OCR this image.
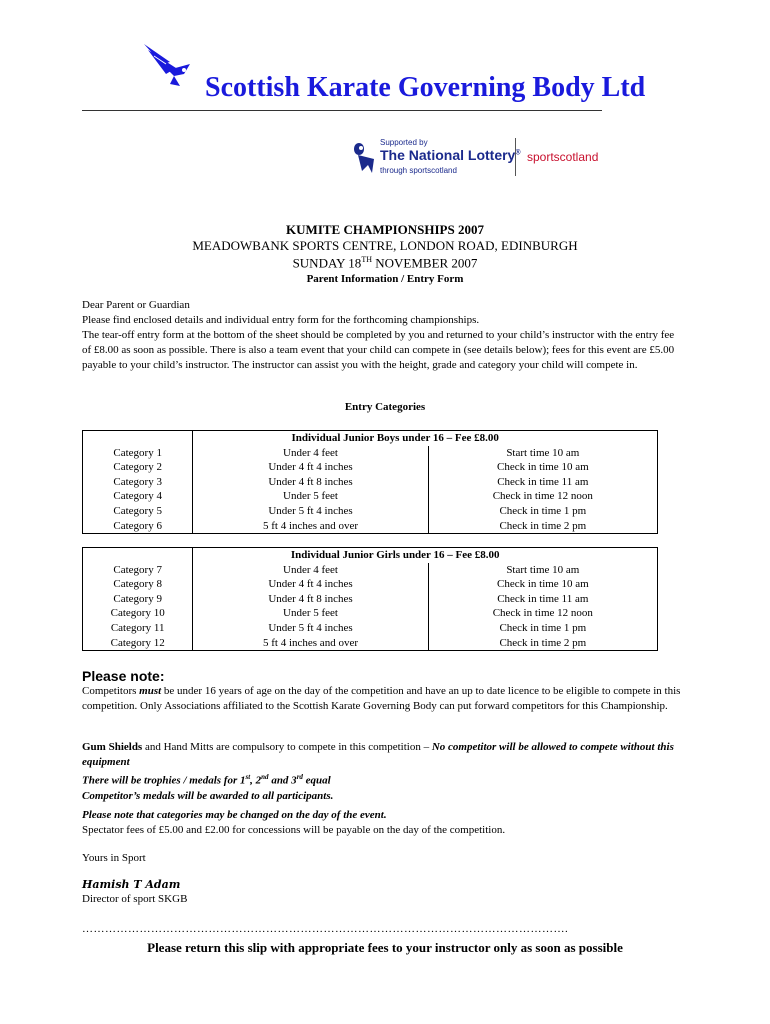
Scottish Karate Governing Body Ltd
Supported by
The National Lottery®
through sportscotland
sportscotland
KUMITE CHAMPIONSHIPS 2007
MEADOWBANK SPORTS CENTRE, LONDON ROAD, EDINBURGH
SUNDAY 18TH NOVEMBER 2007
Parent Information / Entry Form
Dear Parent or Guardian
Please find enclosed details and individual entry form for the forthcoming championships.
The tear-off entry form at the bottom of the sheet should be completed by you and returned to your child’s instructor with the entry fee of £8.00 as soon as possible. There is also a team event that your child can compete in (see details below); fees for this event are £5.00 payable to your child’s instructor. The instructor can assist you with the height, grade and category your child will compete in.
Entry Categories
	Individual Junior Boys under 16 – Fee £8.00	
Category 1	Under 4 feet	Start time 10 am
Category 2	Under 4 ft 4 inches	Check in time 10 am
Category 3	Under 4 ft 8 inches	Check in time 11 am
Category 4	Under 5 feet	Check in time 12 noon
Category 5	Under 5 ft 4 inches	Check in time 1 pm
Category 6	5 ft 4 inches and over	Check in time 2 pm
	Individual Junior Girls under 16 – Fee £8.00	
Category 7	Under 4 feet	Start time 10 am
Category 8	Under 4 ft 4 inches	Check in time 10 am
Category 9	Under 4 ft 8 inches	Check in time 11 am
Category 10	Under 5 feet	Check in time 12 noon
Category 11	Under 5 ft 4 inches	Check in time 1 pm
Category 12	5 ft 4 inches and over	Check in time 2 pm
Please note:
Competitors must be under 16 years of age on the day of the competition and have an up to date licence to be eligible to compete in this competition. Only Associations affiliated to the Scottish Karate Governing Body can put forward competitors for this Championship.
Gum Shields and Hand Mitts are compulsory to compete in this competition – No competitor will be allowed to compete without this equipment
There will be trophies / medals for 1st, 2nd and 3rd equal
Competitor’s medals will be awarded to all participants.
Please note that categories may be changed on the day of the event.
Spectator fees of £5.00 and £2.00 for concessions will be payable on the day of the competition.
Yours in Sport
Hamish T Adam
Director of sport SKGB
……………………………………………………………………………………………………………….
Please return this slip with appropriate fees to your instructor only as soon as possible
